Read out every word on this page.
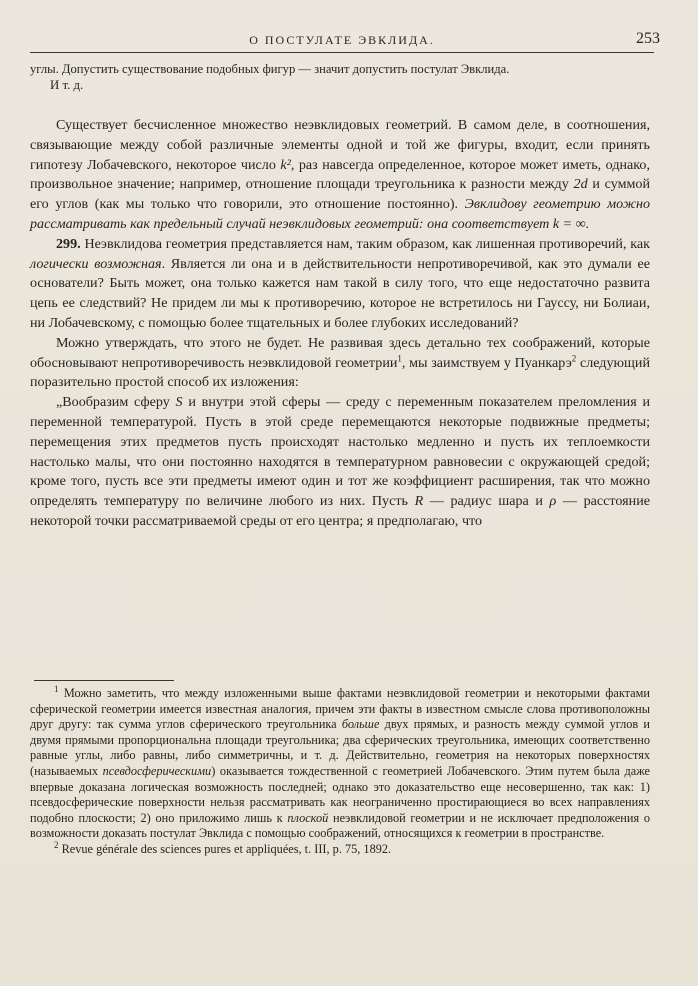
О ПОСТУЛАТЕ ЭВКЛИДА.	253

углы. Допустить существование подобных фигур — значит допустить постулат Эвклида.

И т. д.

Существует бесчисленное множество неэвклидовых геометрий. В самом деле, в соотношения, связывающие между собой различные элементы одной и той же фигуры, входит, если принять гипотезу Лобачевского, некоторое число k², раз навсегда определенное, которое может иметь, однако, произвольное значение; например, отношение площади треугольника к разности между 2d и суммой его углов (как мы только что говорили, это отношение постоянно). Эвклидову геометрию можно рассматривать как предельный случай неэвклидовых геометрий: она соответствует k = ∞.

299. Неэвклидова геометрия представляется нам, таким образом, как лишенная противоречий, как логически возможная. Является ли она и в действительности непротиворечивой, как это думали ее основатели? Быть может, она только кажется нам такой в силу того, что еще недостаточно развита цепь ее следствий? Не придем ли мы к противоречию, которое не встретилось ни Гауссу, ни Болиаи, ни Лобачевскому, с помощью более тщательных и более глубоких исследований?

Можно утверждать, что этого не будет. Не развивая здесь детально тех соображений, которые обосновывают непротиворечивость неэвклидовой геометрии$^1$, мы заимствуем у Пуанкарэ$^2$ следующий поразительно простой способ их изложения:

„Вообразим сферу S и внутри этой сферы — среду с переменным показателем преломления и переменной температурой. Пусть в этой среде перемещаются некоторые подвижные предметы; перемещения этих предметов пусть происходят настолько медленно и пусть их теплоемкости настолько малы, что они постоянно находятся в температурном равновесии с окружающей средой; кроме того, пусть все эти предметы имеют один и тот же коэффициент расширения, так что можно определять температуру по величине любого из них. Пусть R — радиус шара и ρ — расстояние некоторой точки рассматриваемой среды от его центра; я предполагаю, что

$^1$ Можно заметить, что между изложенными выше фактами неэвклидовой геометрии и некоторыми фактами сферической геометрии имеется известная аналогия, причем эти факты в известном смысле слова противоположны друг другу: так сумма углов сферического треугольника больше двух прямых, и разность между суммой углов и двумя прямыми пропорциональна площади треугольника; два сферических треугольника, имеющих соответственно равные углы, либо равны, либо симметричны, и т. д. Действительно, геометрия на некоторых поверхностях (называемых псевдосферическими) оказывается тождественной с геометрией Лобачевского. Этим путем была даже впервые доказана логическая возможность последней; однако это доказательство еще несовершенно, так как: 1) псевдосферические поверхности нельзя рассматривать как неограниченно простирающиеся во всех направлениях подобно плоскости; 2) оно приложимо лишь к плоской неэвклидовой геометрии и не исключает предположения о возможности доказать постулат Эвклида с помощью соображений, относящихся к геометрии в пространстве.

$^2$ Revue générale des sciences pures et appliquées, t. III, p. 75, 1892.
